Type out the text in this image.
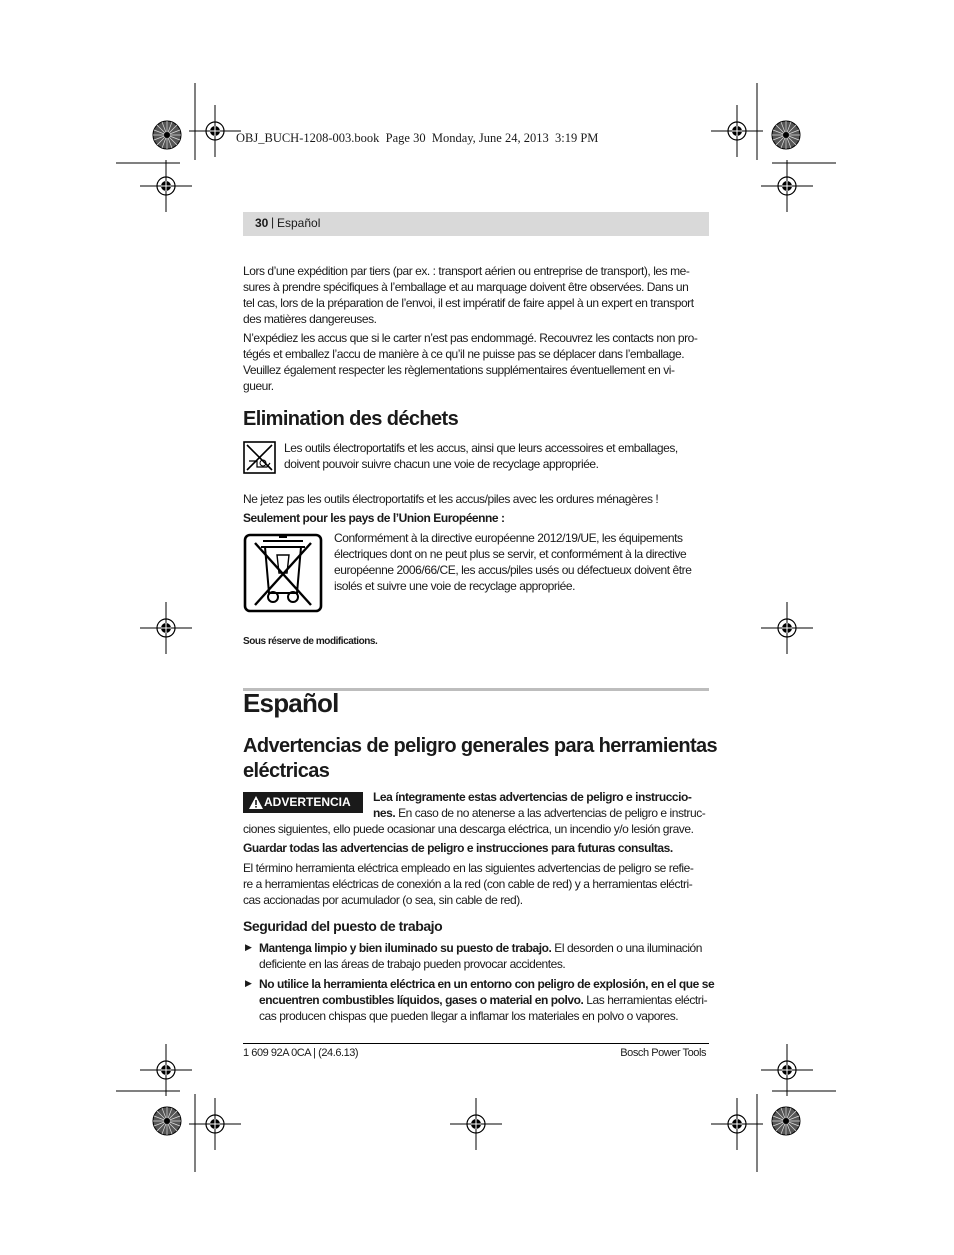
OBJ_BUCH-1208-003.book  Page 30  Monday, June 24, 2013  3:19 PM
30 | Español
Lors d’une expédition par tiers (par ex. : transport aérien ou entreprise de transport), les me-
sures à prendre spécifiques à l’emballage et au marquage doivent être observées. Dans un
tel cas, lors de la préparation de l’envoi, il est impératif de faire appel à un expert en transport
des matières dangereuses.
N’expédiez les accus que si le carter n’est pas endommagé. Recouvrez les contacts non pro-
tégés et emballez l’accu de manière à ce qu’il ne puisse pas se déplacer dans l’emballage.
Veuillez également respecter les règlementations supplémentaires éventuellement en vi-
gueur.
Elimination des déchets
Les outils électroportatifs et les accus, ainsi que leurs accessoires et emballages,
doivent pouvoir suivre chacun une voie de recyclage appropriée.
Ne jetez pas les outils électroportatifs et les accus/piles avec les ordures ménagères !
Seulement pour les pays de l’Union Européenne :
Conformément à la directive européenne 2012/19/UE, les équipements
électriques dont on ne peut plus se servir, et conformément à la directive
européenne 2006/66/CE, les accus/piles usés ou défectueux doivent être
isolés et suivre une voie de recyclage appropriée.
Sous réserve de modifications.
Español
Advertencias de peligro generales para herramientas
eléctricas
ADVERTENCIA Lea íntegramente estas advertencias de peligro e instruccio-
nes. En caso de no atenerse a las advertencias de peligro e instruc-
ciones siguientes, ello puede ocasionar una descarga eléctrica, un incendio y/o lesión grave.
Guardar todas las advertencias de peligro e instrucciones para futuras consultas.
El término herramienta eléctrica empleado en las siguientes advertencias de peligro se refie-
re a herramientas eléctricas de conexión a la red (con cable de red) y a herramientas eléctri-
cas accionadas por acumulador (o sea, sin cable de red).
Seguridad del puesto de trabajo
▶ Mantenga limpio y bien iluminado su puesto de trabajo. El desorden o una iluminación
deficiente en las áreas de trabajo pueden provocar accidentes.
▶ No utilice la herramienta eléctrica en un entorno con peligro de explosión, en el que se
encuentren combustibles líquidos, gases o material en polvo. Las herramientas eléctri-
cas producen chispas que pueden llegar a inflamar los materiales en polvo o vapores.
1 609 92A 0CA | (24.6.13)	Bosch Power Tools
